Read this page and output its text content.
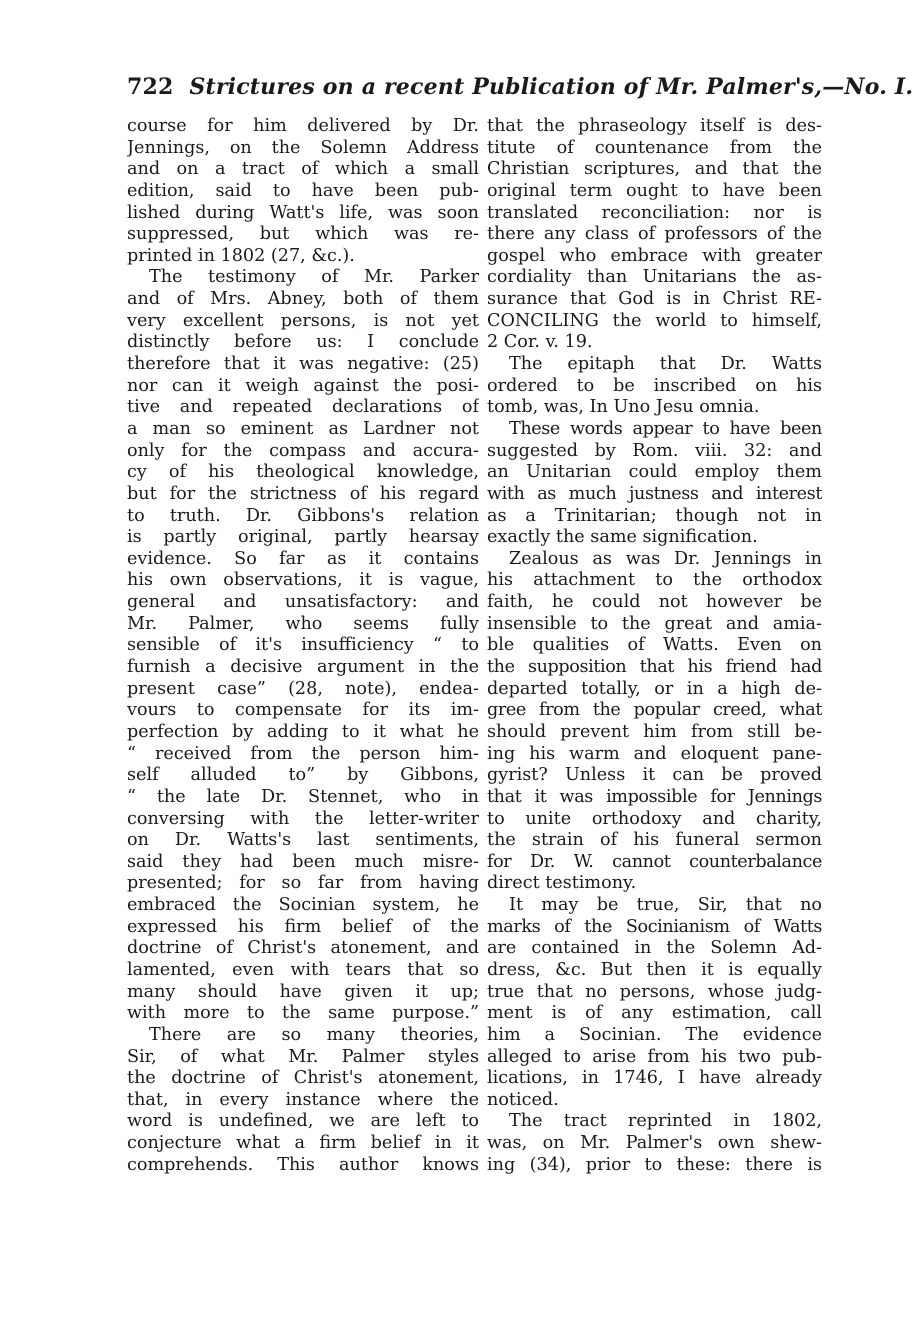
722 Strictures on a recent Publication of Mr. Palmer's,—No. I.
course for him delivered by Dr.
Jennings, on the Solemn Address
and on a tract of which a small
edition, said to have been pub-
lished during Watt's life, was soon
suppressed, but which was re-
printed in 1802 (27, &c.).
The testimony of Mr. Parker
and of Mrs. Abney, both of them
very excellent persons, is not yet
distinctly before us: I conclude
therefore that it was negative: (25)
nor can it weigh against the posi-
tive and repeated declarations of
a man so eminent as Lardner not
only for the compass and accura-
cy of his theological knowledge,
but for the strictness of his regard
to truth. Dr. Gibbons's relation
is partly original, partly hearsay
evidence. So far as it contains
his own observations, it is vague,
general and unsatisfactory: and
Mr. Palmer, who seems fully
sensible of it's insufficiency “ to
furnish a decisive argument in the
present case” (28, note), endea-
vours to compensate for its im-
perfection by adding to it what he
“ received from the person him-
self alluded to” by Gibbons,
“ the late Dr. Stennet, who in
conversing with the letter-writer
on Dr. Watts's last sentiments,
said they had been much misre-
presented; for so far from having
embraced the Socinian system, he
expressed his firm belief of the
doctrine of Christ's atonement, and
lamented, even with tears that so
many should have given it up;
with more to the same purpose.”
There are so many theories,
Sir, of what Mr. Palmer styles
the doctrine of Christ's atonement,
that, in every instance where the
word is undefined, we are left to
conjecture what a firm belief in it
comprehends. This author knows
that the phraseology itself is des-
titute of countenance from the
Christian scriptures, and that the
original term ought to have been
translated reconciliation: nor is
there any class of professors of the
gospel who embrace with greater
cordiality than Unitarians the as-
surance that God is in Christ RE-
CONCILING the world to himself,
2 Cor. v. 19.
The epitaph that Dr. Watts
ordered to be inscribed on his
tomb, was, In Uno Jesu omnia.
These words appear to have been
suggested by Rom. viii. 32: and
an Unitarian could employ them
with as much justness and interest
as a Trinitarian; though not in
exactly the same signification.
Zealous as was Dr. Jennings in
his attachment to the orthodox
faith, he could not however be
insensible to the great and amia-
ble qualities of Watts. Even on
the supposition that his friend had
departed totally, or in a high de-
gree from the popular creed, what
should prevent him from still be-
ing his warm and eloquent pane-
gyrist? Unless it can be proved
that it was impossible for Jennings
to unite orthodoxy and charity,
the strain of his funeral sermon
for Dr. W. cannot counterbalance
direct testimony.
It may be true, Sir, that no
marks of the Socinianism of Watts
are contained in the Solemn Ad-
dress, &c. But then it is equally
true that no persons, whose judg-
ment is of any estimation, call
him a Socinian. The evidence
alleged to arise from his two pub-
lications, in 1746, I have already
noticed.
The tract reprinted in 1802,
was, on Mr. Palmer's own shew-
ing (34), prior to these: there is
